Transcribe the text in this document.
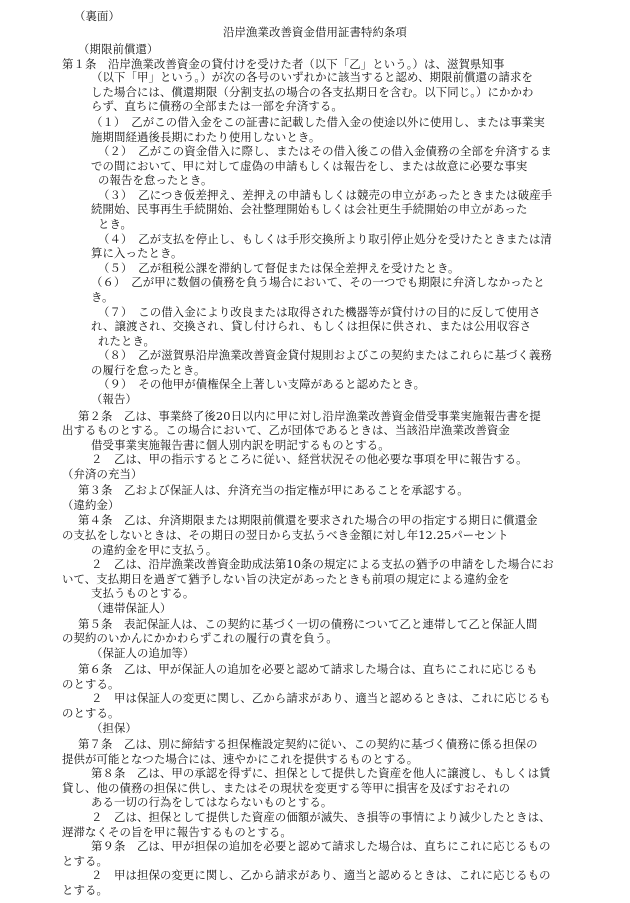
（裏面）
沿岸漁業改善資金借用証書特約条項
（期限前償還）
第１条　沿岸漁業改善資金の貸付けを受けた者（以下「乙」という。）は、滋賀県知事
（以下「甲」という。）が次の各号のいずれかに該当すると認め、期限前償還の請求を
した場合には、償還期限（分割支払の場合の各支払期日を含む。以下同じ。）にかかわ
らず、直ちに債務の全部または一部を弁済する。
（１）　乙がこの借入金をこの証書に記載した借入金の使途以外に使用し、または事業実
施期間経過後長期にわたり使用しないとき。
（２）　乙がこの資金借入に際し、またはその借入後この借入金債務の全部を弁済するま
での間において、甲に対して虚偽の申請もしくは報告をし、または故意に必要な事実
の報告を怠ったとき。
（３）　乙につき仮差押え、差押えの申請もしくは競売の申立があったときまたは破産手
続開始、民事再生手続開始、会社整理開始もしくは会社更生手続開始の申立があった
とき。
（４）　乙が支払を停止し、もしくは手形交換所より取引停止処分を受けたときまたは清
算に入ったとき。
（５）　乙が租税公課を滞納して督促または保全差押えを受けたとき。
（６）　乙が甲に数個の債務を負う場合において、その一つでも期限に弁済しなかったと
き。
（７）　この借入金により改良または取得された機器等が貸付けの目的に反して使用さ
れ、譲渡され、交換され、貸し付けられ、もしくは担保に供され、または公用収容さ
れたとき。
（８）　乙が滋賀県沿岸漁業改善資金貸付規則およびこの契約またはこれらに基づく義務
の履行を怠ったとき。
（９）　その他甲が債権保全上著しい支障があると認めたとき。
（報告）
第２条　乙は、事業終了後20日以内に甲に対し沿岸漁業改善資金借受事業実施報告書を提
出するものとする。この場合において、乙が団体であるときは、当該沿岸漁業改善資金
借受事業実施報告書に個人別内訳を明記するものとする。
２　乙は、甲の指示するところに従い、経営状況その他必要な事項を甲に報告する。
（弁済の充当）
第３条　乙および保証人は、弁済充当の指定権が甲にあることを承認する。
（違約金）
第４条　乙は、弁済期限または期限前償還を要求された場合の甲の指定する期日に償還金
の支払をしないときは、その期日の翌日から支払うべき金額に対し年12.25パーセント
の違約金を甲に支払う。
２　乙は、沿岸漁業改善資金助成法第10条の規定による支払の猶予の申請をした場合にお
いて、支払期日を過ぎて猶予しない旨の決定があったときも前項の規定による違約金を
支払うものとする。
（連帯保証人）
第５条　表記保証人は、この契約に基づく一切の債務について乙と連帯して乙と保証人間
の契約のいかんにかかわらずこれの履行の責を負う。
（保証人の追加等）
第６条　乙は、甲が保証人の追加を必要と認めて請求した場合は、直ちにこれに応じるも
のとする。
２　甲は保証人の変更に関し、乙から請求があり、適当と認めるときは、これに応じるも
のとする。
（担保）
第７条　乙は、別に締結する担保権設定契約に従い、この契約に基づく債務に係る担保の
提供が可能となつた場合には、速やかにこれを提供するものとする。
第８条　乙は、甲の承認を得ずに、担保として提供した資産を他人に譲渡し、もしくは賃
貸し、他の債務の担保に供し、またはその現状を変更する等甲に損害を及ぼすおそれの
ある一切の行為をしてはならないものとする。
２　乙は、担保として提供した資産の価額が滅失、き損等の事情により減少したときは、
遅滞なくその旨を甲に報告するものとする。
第９条　乙は、甲が担保の追加を必要と認めて請求した場合は、直ちにこれに応じるもの
とする。
２　甲は担保の変更に関し、乙から請求があり、適当と認めるときは、これに応じるもの
とする。
